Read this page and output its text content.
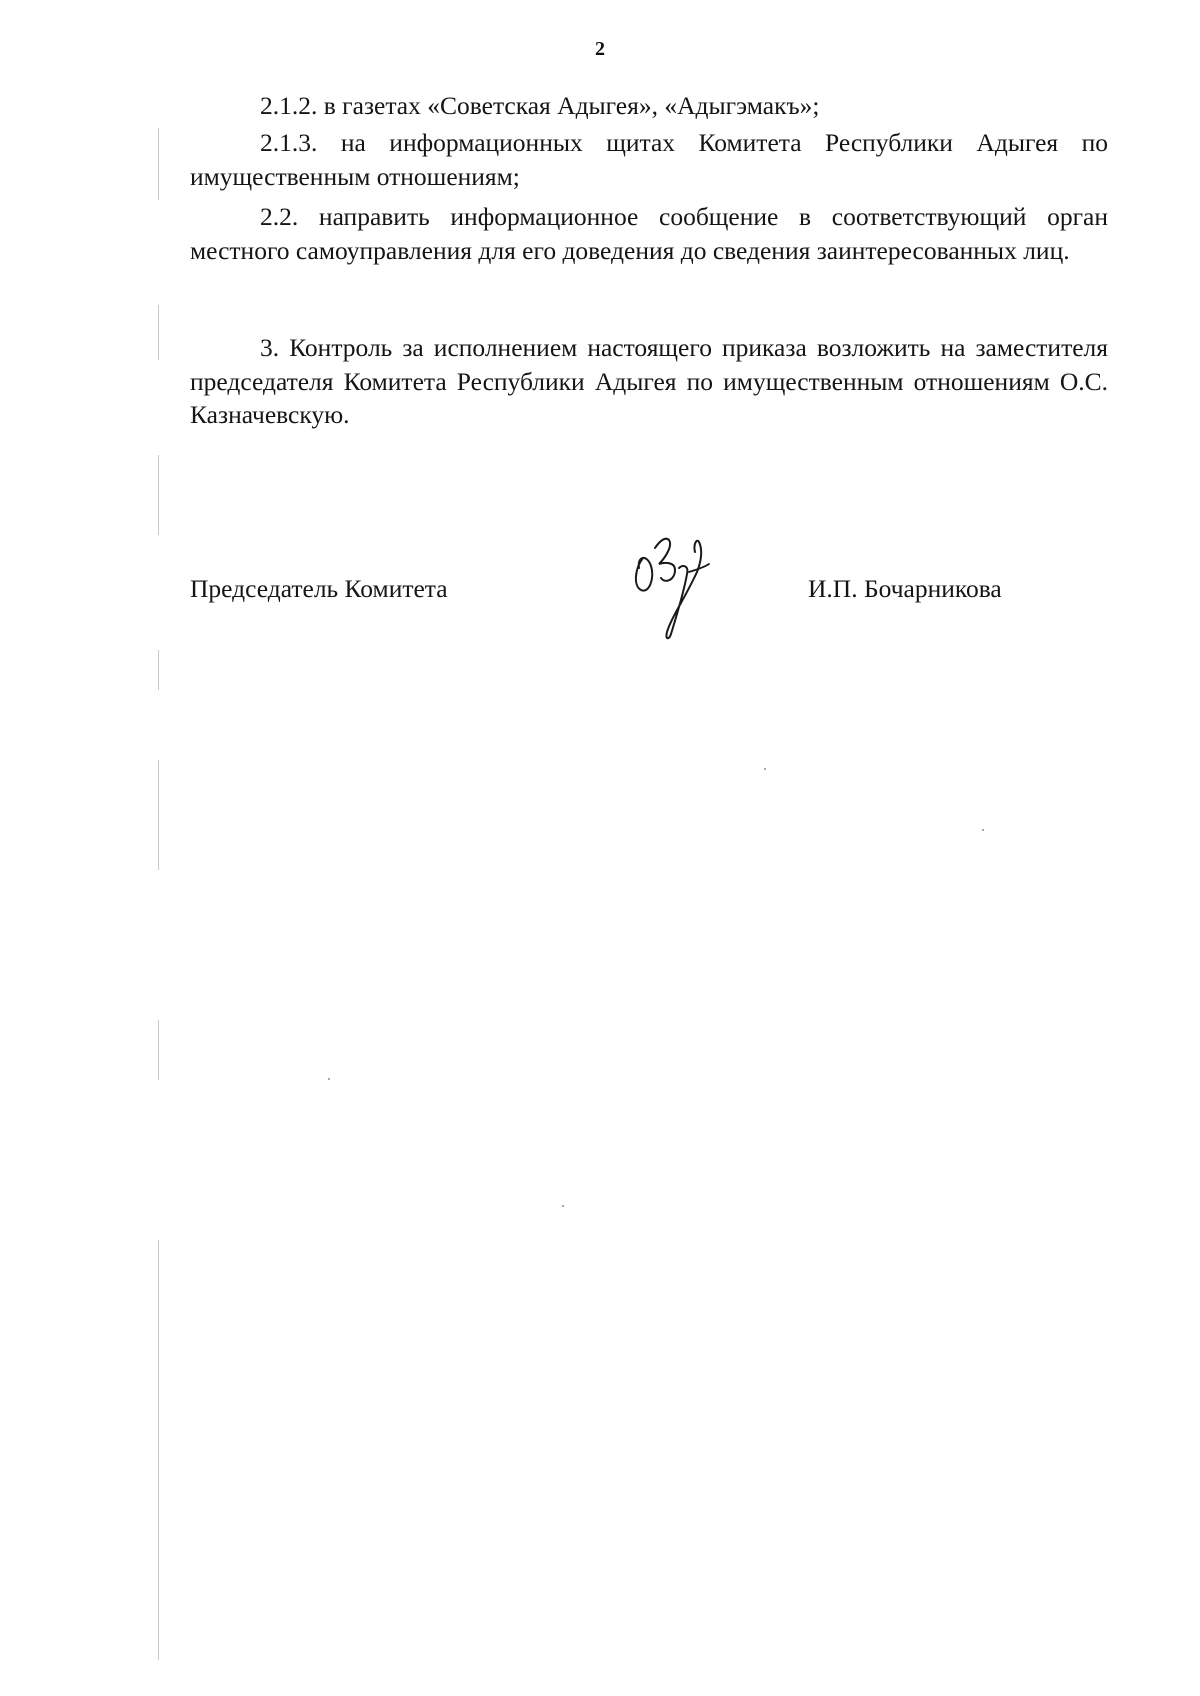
2

2.1.2. в газетах «Советская Адыгея», «Адыгэмакъ»;

2.1.3. на информационных щитах Комитета Республики Адыгея по имущественным отношениям;

2.2. направить информационное сообщение в соответствующий орган местного самоуправления для его доведения до сведения заинтересованных лиц.

3. Контроль за исполнением настоящего приказа возложить на заместителя председателя Комитета Республики Адыгея по имущественным отношениям О.С. Казначевскую.

Председатель Комитета	И.П. Бочарникова
